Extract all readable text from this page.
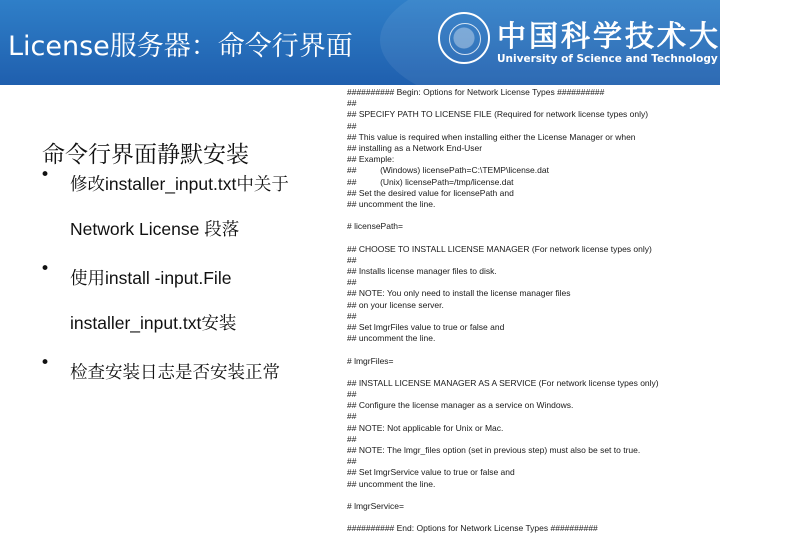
License服务器：命令行界面	中国科学技术大学
University of Science and Technology of China
命令行界面静默安装
• 修改installer_input.txt中关于 Network License 段落
• 使用install -input.File installer_input.txt安装
• 检查安装日志是否安装正常
########## Begin: Options for Network License Types ##########
##
## SPECIFY PATH TO LICENSE FILE (Required for network license types only)
##
## This value is required when installing either the License Manager or when
## installing as a Network End-User
## Example:
##          (Windows) licensePath=C:\TEMP\license.dat
##          (Unix) licensePath=/tmp/license.dat
## Set the desired value for licensePath and
## uncomment the line.
# licensePath=
## CHOOSE TO INSTALL LICENSE MANAGER (For network license types only)
##
## Installs license manager files to disk.
##
## NOTE: You only need to install the license manager files
## on your license server.
##
## Set lmgrFiles value to true or false and
## uncomment the line.
# lmgrFiles=
## INSTALL LICENSE MANAGER AS A SERVICE (For network license types only)
##
## Configure the license manager as a service on Windows.
##
## NOTE: Not applicable for Unix or Mac.
##
## NOTE: The lmgr_files option (set in previous step) must also be set to true.
##
## Set lmgrService value to true or false and
## uncomment the line.
# lmgrService=
########## End: Options for Network License Types ##########
